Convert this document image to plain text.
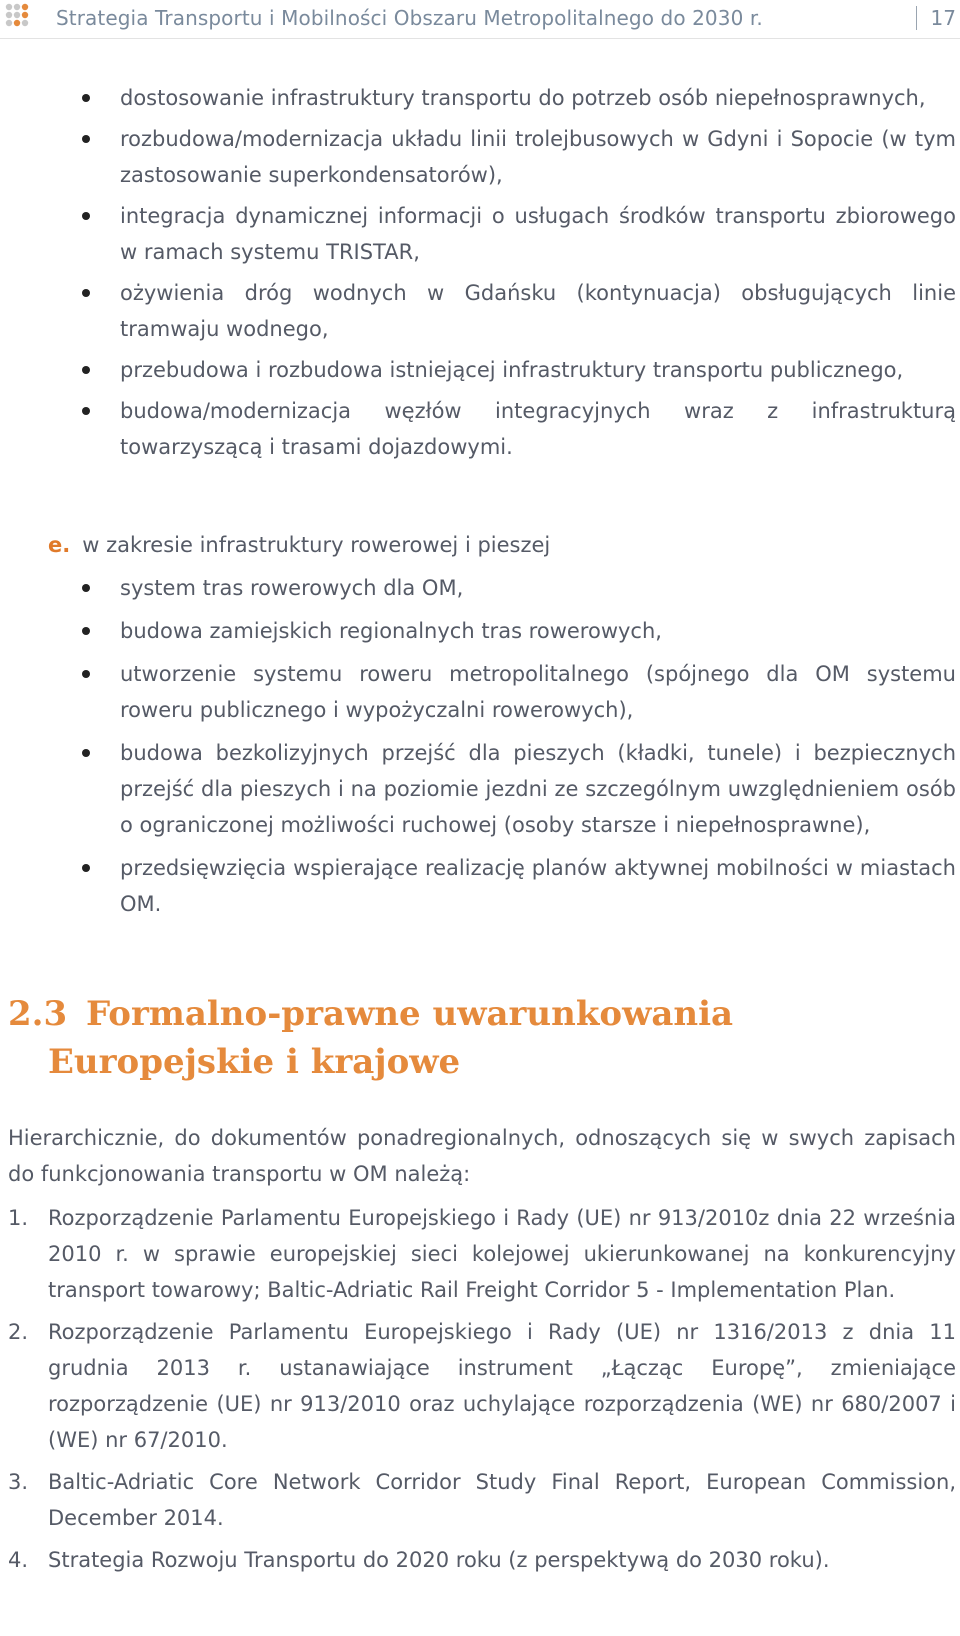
Strategia Transportu i Mobilności Obszaru Metropolitalnego do 2030 r.	17
dostosowanie infrastruktury transportu do potrzeb osób niepełnosprawnych,
rozbudowa/modernizacja układu linii trolejbusowych w Gdyni i Sopocie (w tym zastosowanie superkondensatorów),
integracja dynamicznej informacji o usługach środków transportu zbiorowego w ramach systemu TRISTAR,
ożywienia dróg wodnych w Gdańsku (kontynuacja) obsługujących linie tramwaju wodnego,
przebudowa i rozbudowa istniejącej infrastruktury transportu publicznego,
budowa/modernizacja węzłów integracyjnych wraz z infrastrukturą towarzyszącą i trasami dojazdowymi.
e. w zakresie infrastruktury rowerowej i pieszej
system tras rowerowych dla OM,
budowa zamiejskich regionalnych tras rowerowych,
utworzenie systemu roweru metropolitalnego (spójnego dla OM systemu roweru publicznego i wypożyczalni rowerowych),
budowa bezkolizyjnych przejść dla pieszych (kładki, tunele) i bezpiecznych przejść dla pieszych i na poziomie jezdni ze szczególnym uwzględnieniem osób o ograniczonej możliwości ruchowej (osoby starsze i niepełnosprawne),
przedsięwzięcia wspierające realizację planów aktywnej mobilności w miastach OM.
2.3 Formalno-prawne uwarunkowania
Europejskie i krajowe
Hierarchicznie, do dokumentów ponadregionalnych, odnoszących się w swych zapisach do funkcjonowania transportu w OM należą:
1. Rozporządzenie Parlamentu Europejskiego i Rady (UE) nr 913/2010z dnia 22 września 2010 r. w sprawie europejskiej sieci kolejowej ukierunkowanej na konkurencyjny transport towarowy; Baltic-Adriatic Rail Freight Corridor 5 - Implementation Plan.
2. Rozporządzenie Parlamentu Europejskiego i Rady (UE) nr 1316/2013 z dnia 11 grudnia 2013 r. ustanawiające instrument „Łącząc Europę”, zmieniające rozporządzenie (UE) nr 913/2010 oraz uchylające rozporządzenia (WE) nr 680/2007 i (WE) nr 67/2010.
3. Baltic-Adriatic Core Network Corridor Study Final Report, European Commission, December 2014.
4. Strategia Rozwoju Transportu do 2020 roku (z perspektywą do 2030 roku).
